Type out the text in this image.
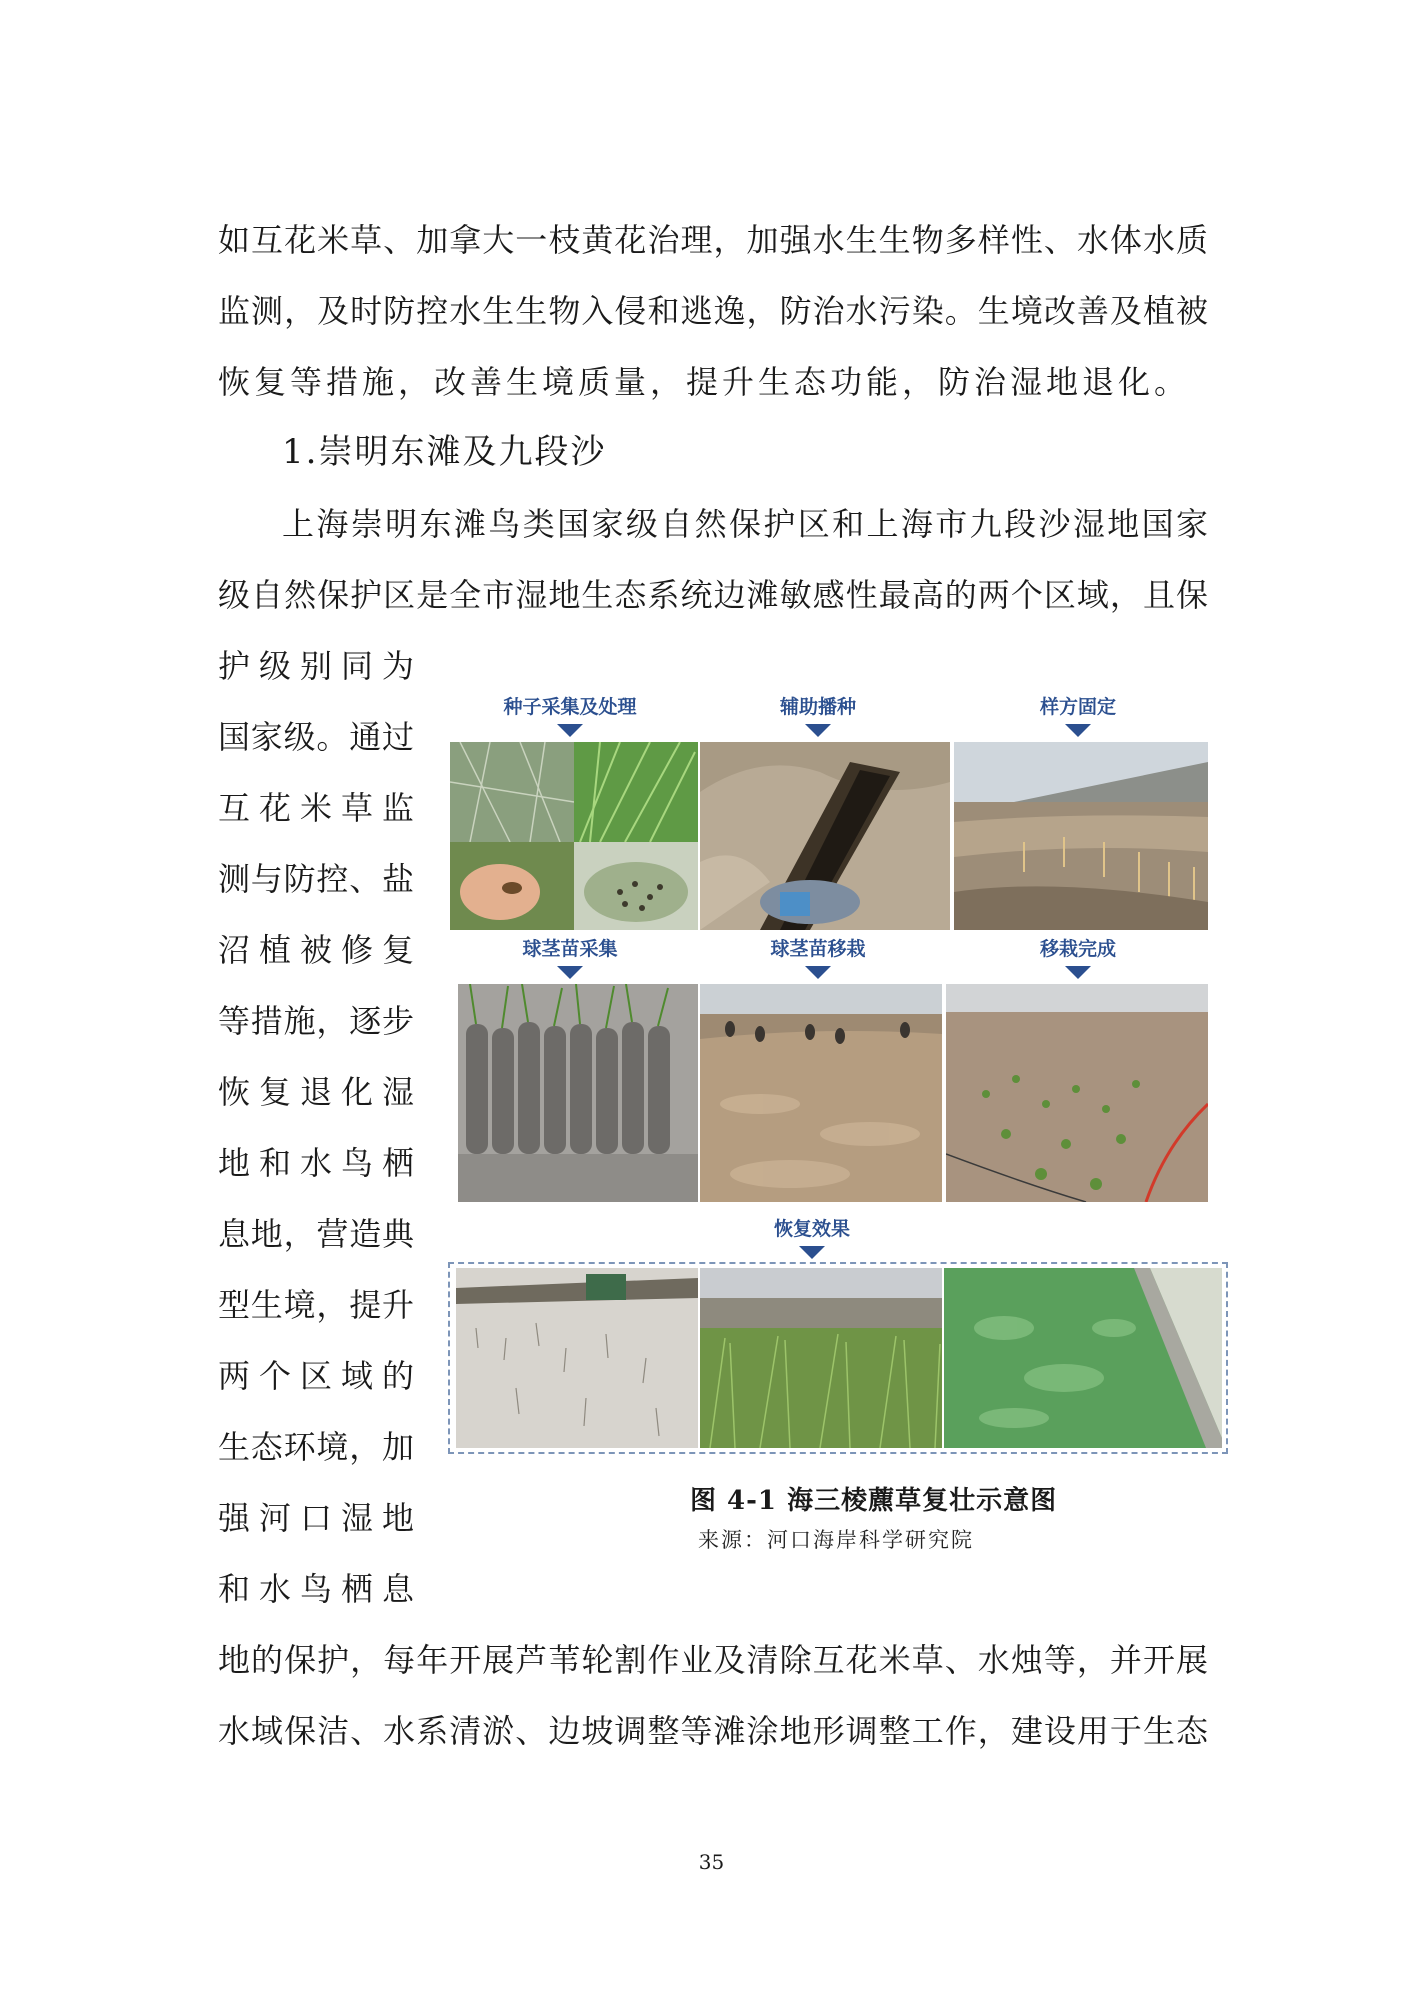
如互花米草、加拿大一枝黄花治理，加强水生生物多样性、水体水质
监测，及时防控水生生物入侵和逃逸，防治水污染。生境改善及植被
恢复等措施，改善生境质量，提升生态功能，防治湿地退化。
1.崇明东滩及九段沙
上海崇明东滩鸟类国家级自然保护区和上海市九段沙湿地国家
级自然保护区是全市湿地生态系统边滩敏感性最高的两个区域，且保
护级别同为
国家级。通过
互花米草监
测与防控、盐
沼植被修复
等措施，逐步
恢复退化湿
地和水鸟栖
息地，营造典
型生境，提升
两个区域的
生态环境，加
强河口湿地
和水鸟栖息
种子采集及处理	辅助播种	样方固定
球茎苗采集	球茎苗移栽	移栽完成
恢复效果
图 4-1 海三棱藨草复壮示意图
来源：河口海岸科学研究院
地的保护，每年开展芦苇轮割作业及清除互花米草、水烛等，并开展
水域保洁、水系清淤、边坡调整等滩涂地形调整工作，建设用于生态
35
